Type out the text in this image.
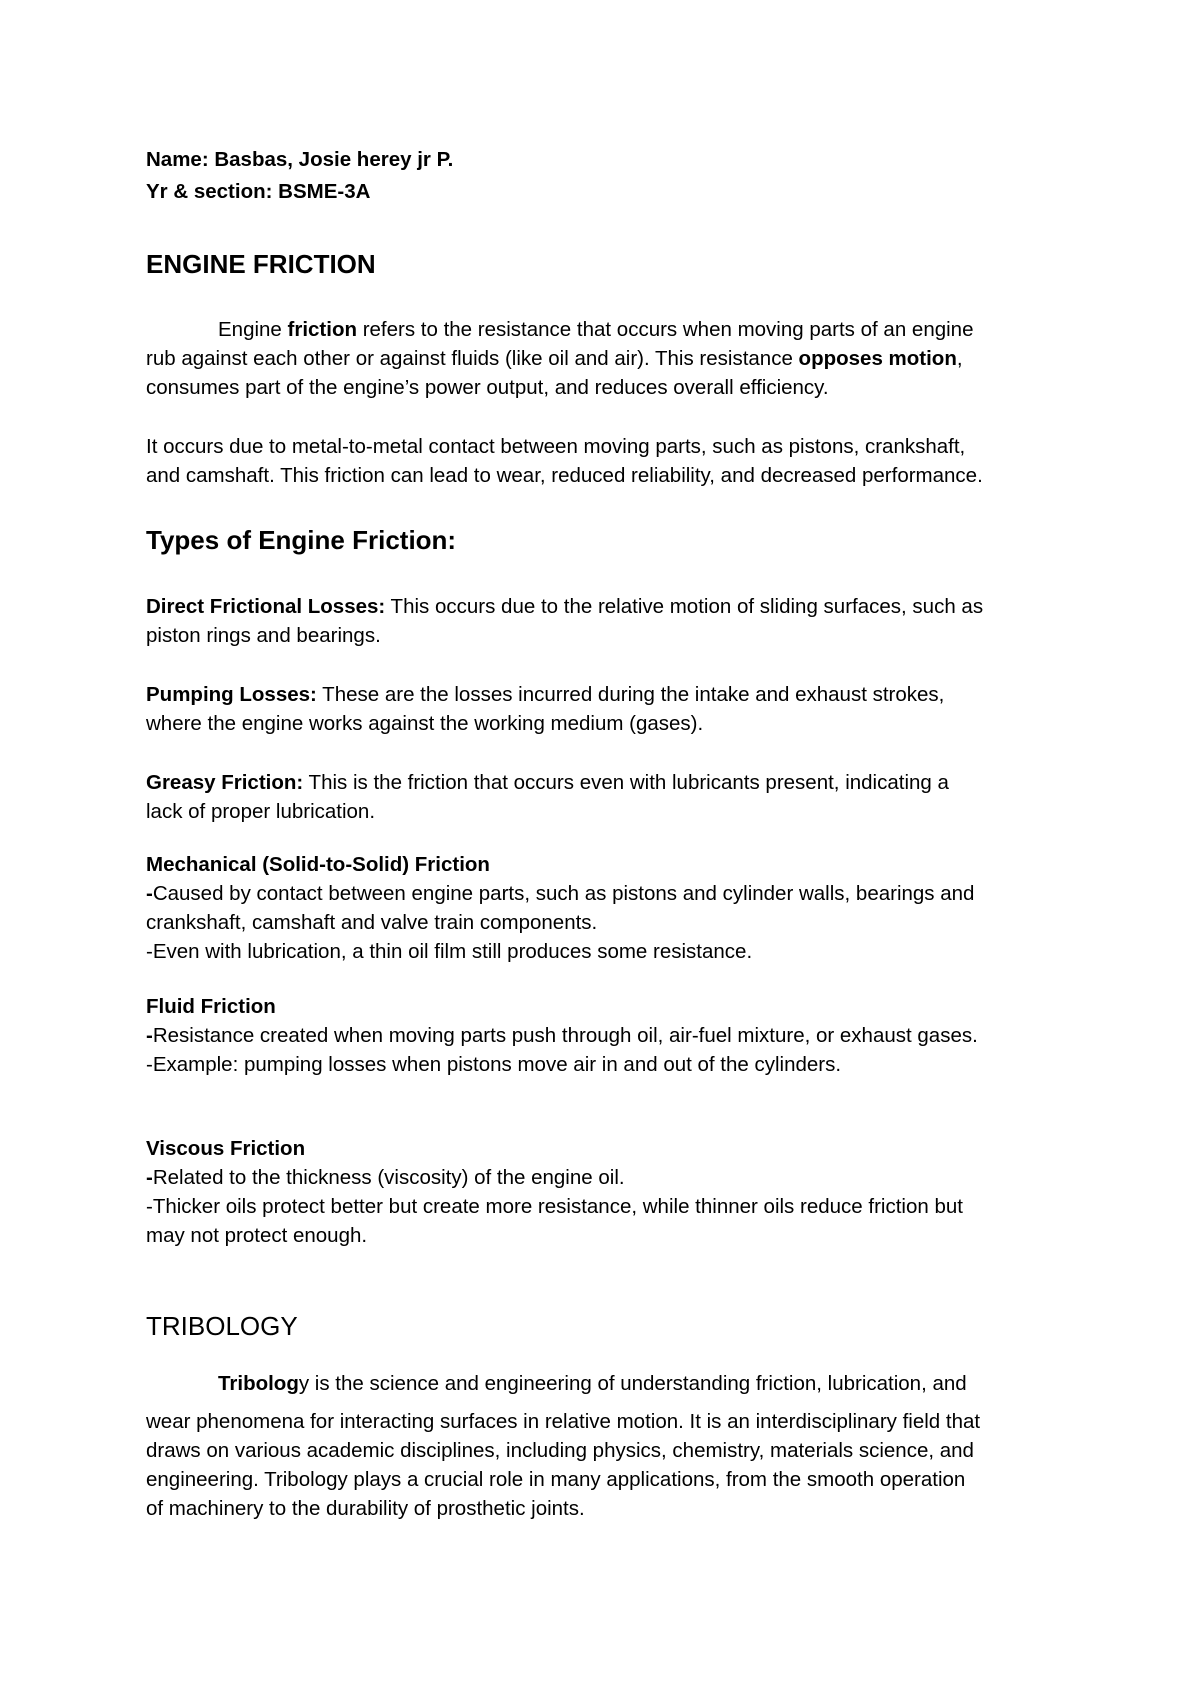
Name: Basbas, Josie herey jr P.
Yr & section: BSME-3A
ENGINE FRICTION
Engine friction refers to the resistance that occurs when moving parts of an engine
rub against each other or against fluids (like oil and air). This resistance opposes motion,
consumes part of the engine’s power output, and reduces overall efficiency.
It occurs due to metal-to-metal contact between moving parts, such as pistons, crankshaft,
and camshaft. This friction can lead to wear, reduced reliability, and decreased performance.
Types of Engine Friction:
Direct Frictional Losses: This occurs due to the relative motion of sliding surfaces, such as
piston rings and bearings.
Pumping Losses: These are the losses incurred during the intake and exhaust strokes,
where the engine works against the working medium (gases).
Greasy Friction: This is the friction that occurs even with lubricants present, indicating a
lack of proper lubrication.
Mechanical (Solid-to-Solid) Friction
-Caused by contact between engine parts, such as pistons and cylinder walls, bearings and
crankshaft, camshaft and valve train components.
-Even with lubrication, a thin oil film still produces some resistance.
Fluid Friction
-Resistance created when moving parts push through oil, air-fuel mixture, or exhaust gases.
-Example: pumping losses when pistons move air in and out of the cylinders.
Viscous Friction
-Related to the thickness (viscosity) of the engine oil.
-Thicker oils protect better but create more resistance, while thinner oils reduce friction but
may not protect enough.
TRIBOLOGY
Tribology is the science and engineering of understanding friction, lubrication, and
wear phenomena for interacting surfaces in relative motion. It is an interdisciplinary field that
draws on various academic disciplines, including physics, chemistry, materials science, and
engineering. Tribology plays a crucial role in many applications, from the smooth operation
of machinery to the durability of prosthetic joints.
